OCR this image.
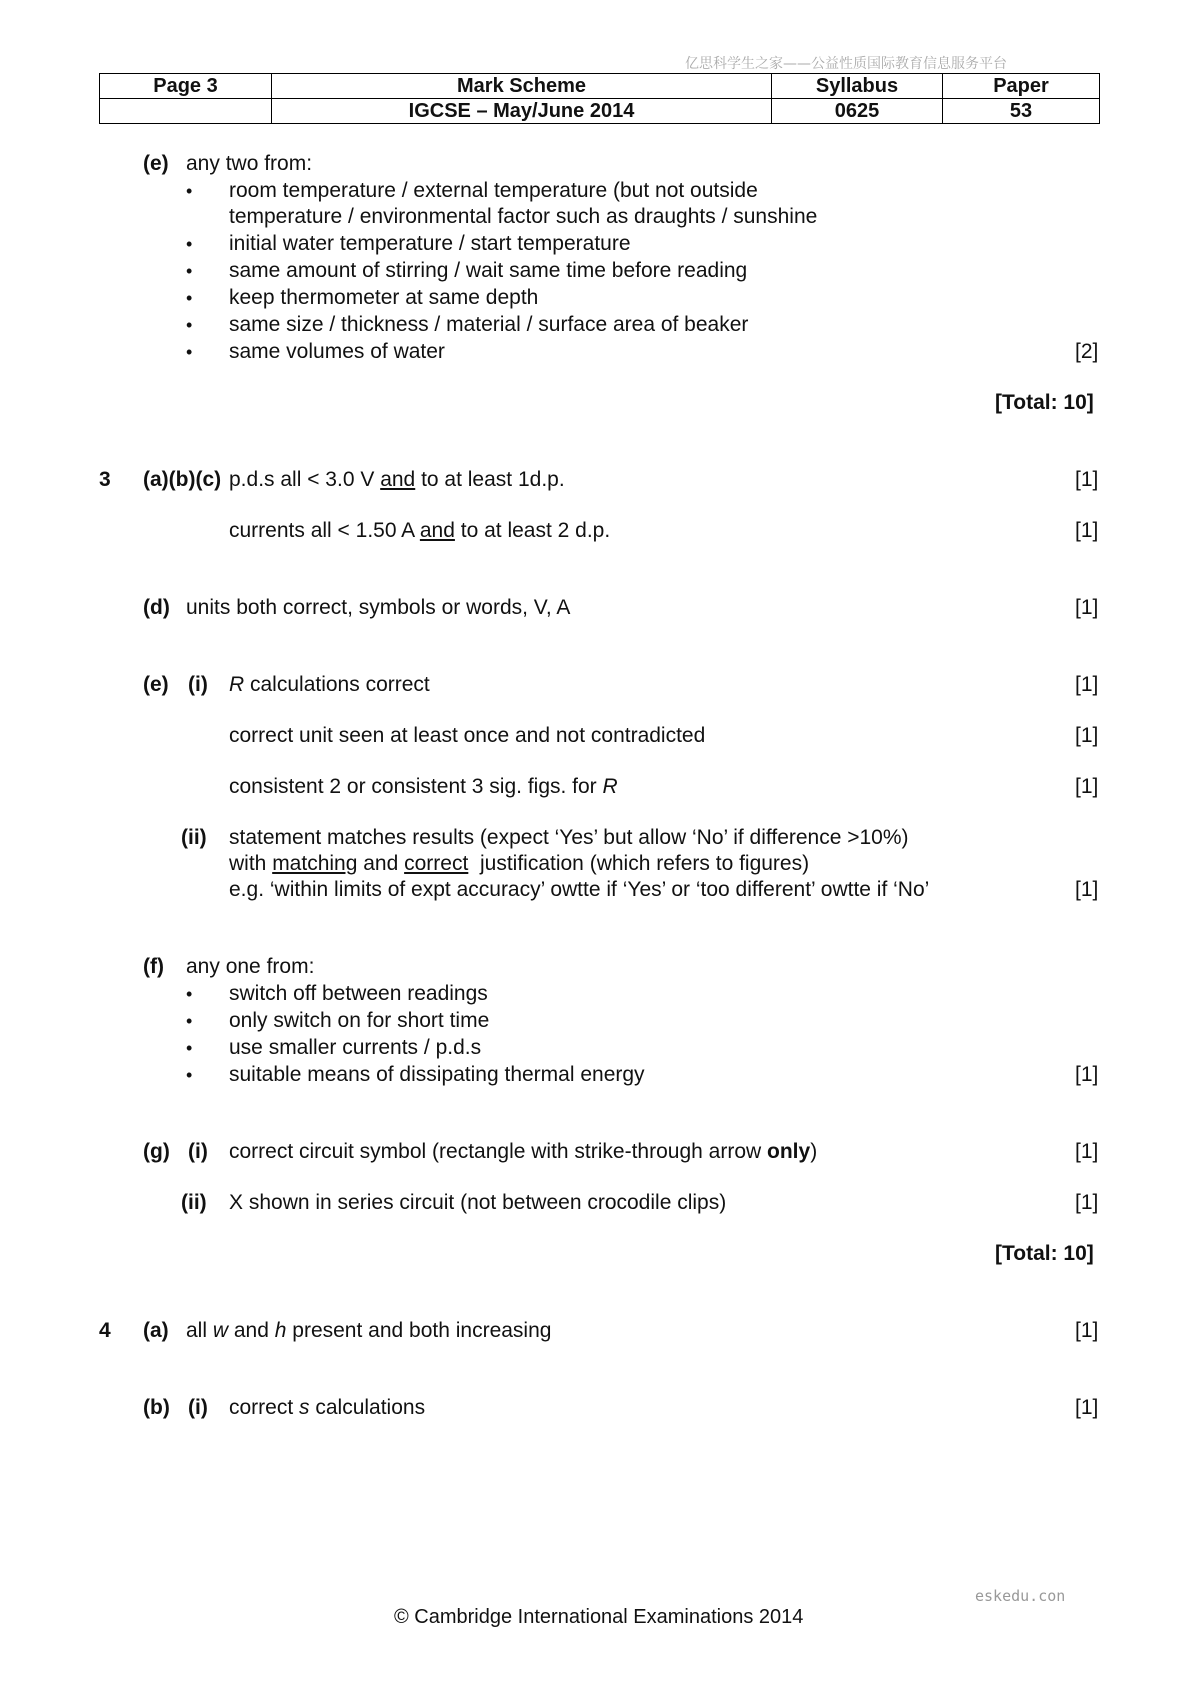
亿思科学生之家——公益性质国际教育信息服务平台
Page 3	Mark Scheme	Syllabus	Paper
	IGCSE – May/June 2014	0625	53
(e) any two from:
• room temperature / external temperature (but not outside
temperature / environmental factor such as draughts / sunshine
• initial water temperature / start temperature
• same amount of stirring / wait same time before reading
• keep thermometer at same depth
• same size / thickness / material / surface area of beaker
• same volumes of water	[2]
[Total: 10]
3 (a)(b)(c) p.d.s all < 3.0 V and to at least 1d.p.	[1]
currents all < 1.50 A and to at least 2 d.p.	[1]
(d) units both correct, symbols or words, V, A	[1]
(e) (i) R calculations correct	[1]
correct unit seen at least once and not contradicted	[1]
consistent 2 or consistent 3 sig. figs. for R	[1]
(ii) statement matches results (expect ‘Yes’ but allow ‘No’ if difference >10%)
with matching and correct  justification (which refers to figures)
e.g. ‘within limits of expt accuracy’ owtte if ‘Yes’ or ‘too different’ owtte if ‘No’	[1]
(f) any one from:
• switch off between readings
• only switch on for short time
• use smaller currents / p.d.s
• suitable means of dissipating thermal energy	[1]
(g) (i) correct circuit symbol (rectangle with strike-through arrow only)	[1]
(ii) X shown in series circuit (not between crocodile clips)	[1]
[Total: 10]
4 (a) all w and h present and both increasing	[1]
(b) (i) correct s calculations	[1]
eskedu.con
© Cambridge International Examinations 2014
